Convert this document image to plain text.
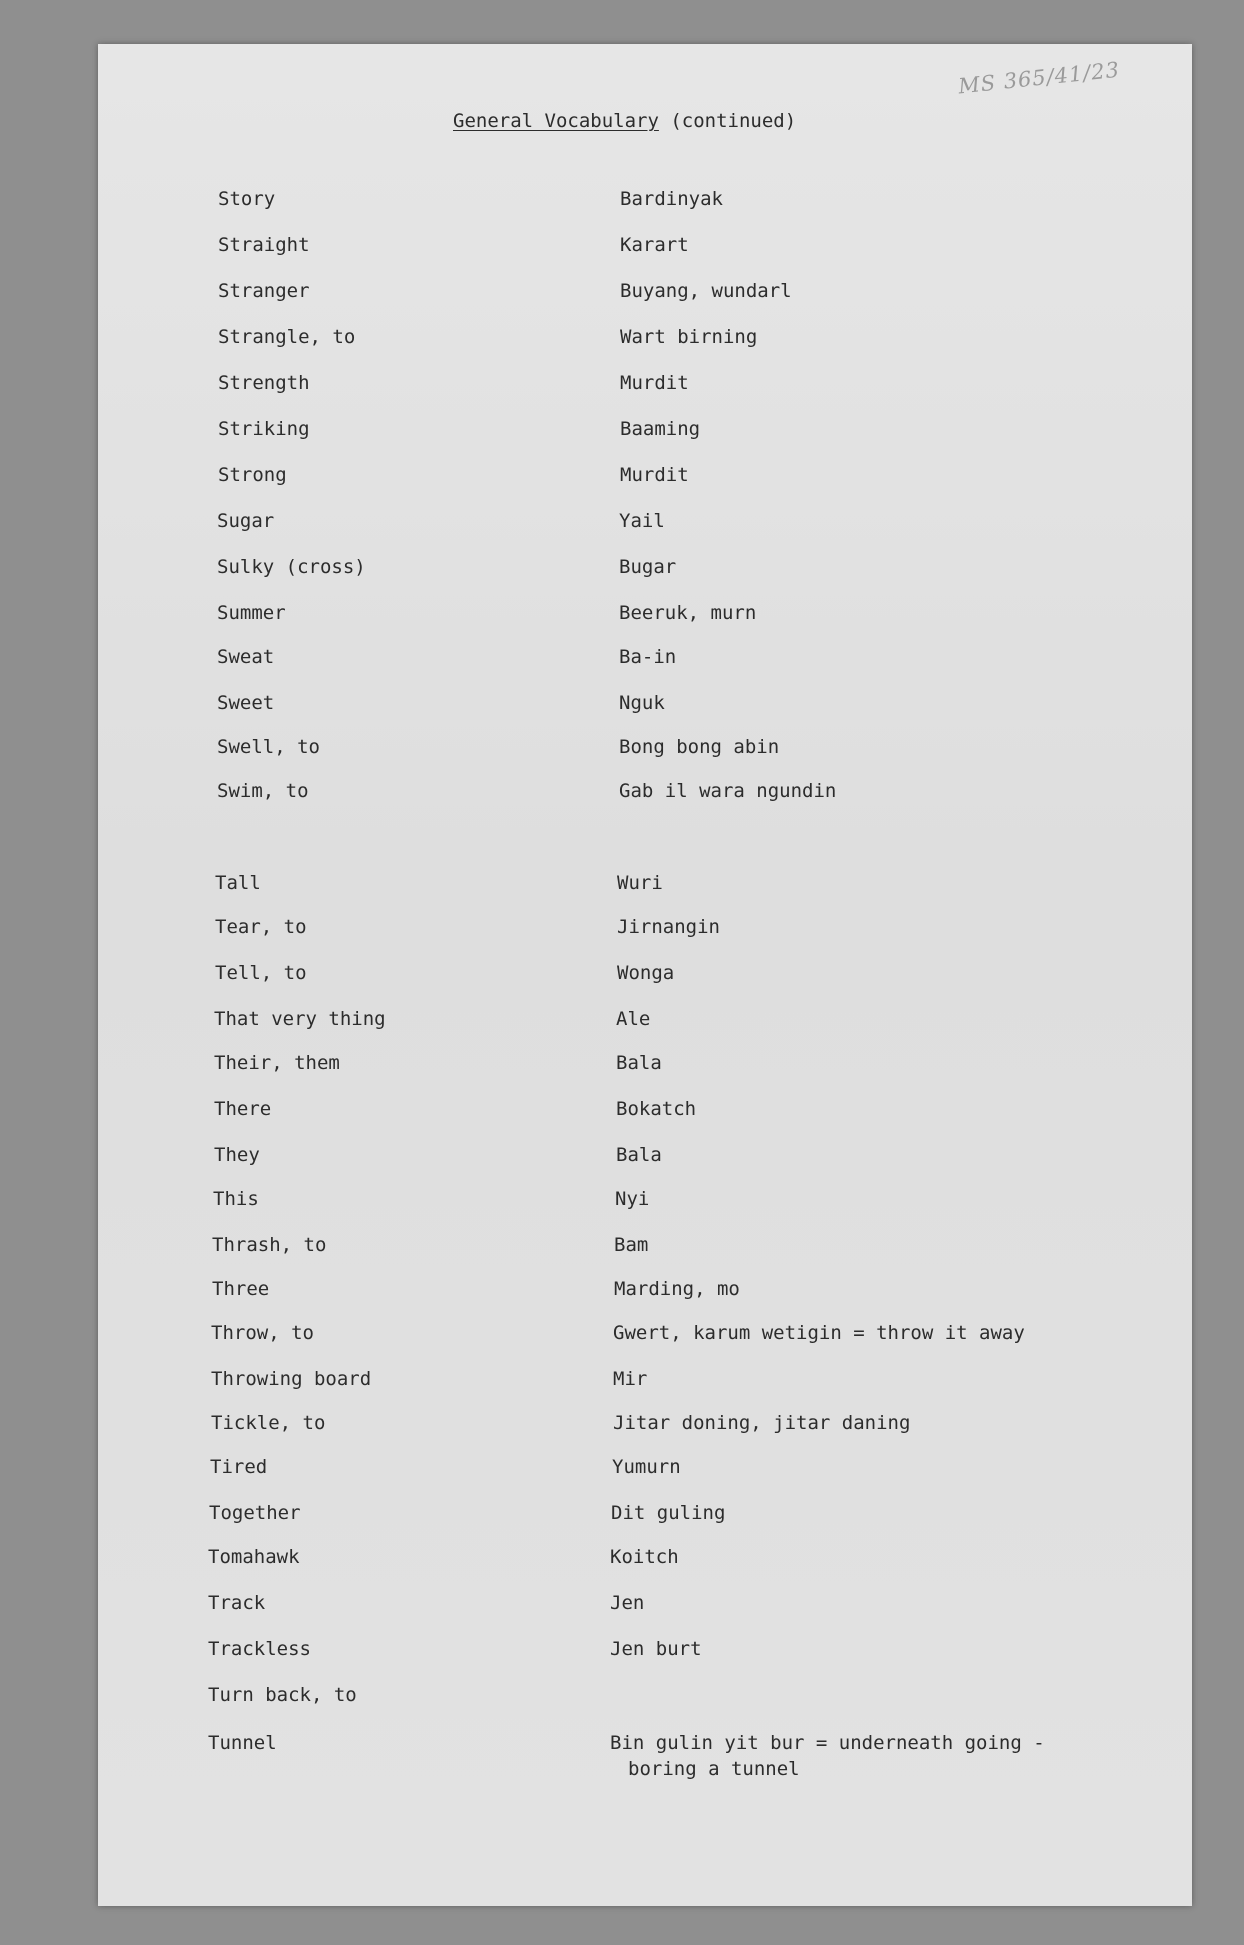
MS 365/41/23
General Vocabulary (continued)
Story	Bardinyak
Straight	Karart
Stranger	Buyang, wundarl
Strangle, to	Wart birning
Strength	Murdit
Striking	Baaming
Strong	Murdit
Sugar	Yail
Sulky (cross)	Bugar
Summer	Beeruk, murn
Sweat	Ba-in
Sweet	Nguk
Swell, to	Bong bong abin
Swim, to	Gab il wara ngundin
Tall	Wuri
Tear, to	Jirnangin
Tell, to	Wonga
That very thing	Ale
Their, them	Bala
There	Bokatch
They	Bala
This	Nyi
Thrash, to	Bam
Three	Marding, mo
Throw, to	Gwert, karum wetigin = throw it away
Throwing board	Mir
Tickle, to	Jitar doning, jitar daning
Tired	Yumurn
Together	Dit guling
Tomahawk	Koitch
Track	Jen
Trackless	Jen burt
Turn back, to
Tunnel	Bin gulin yit bur = underneath going -
boring a tunnel
